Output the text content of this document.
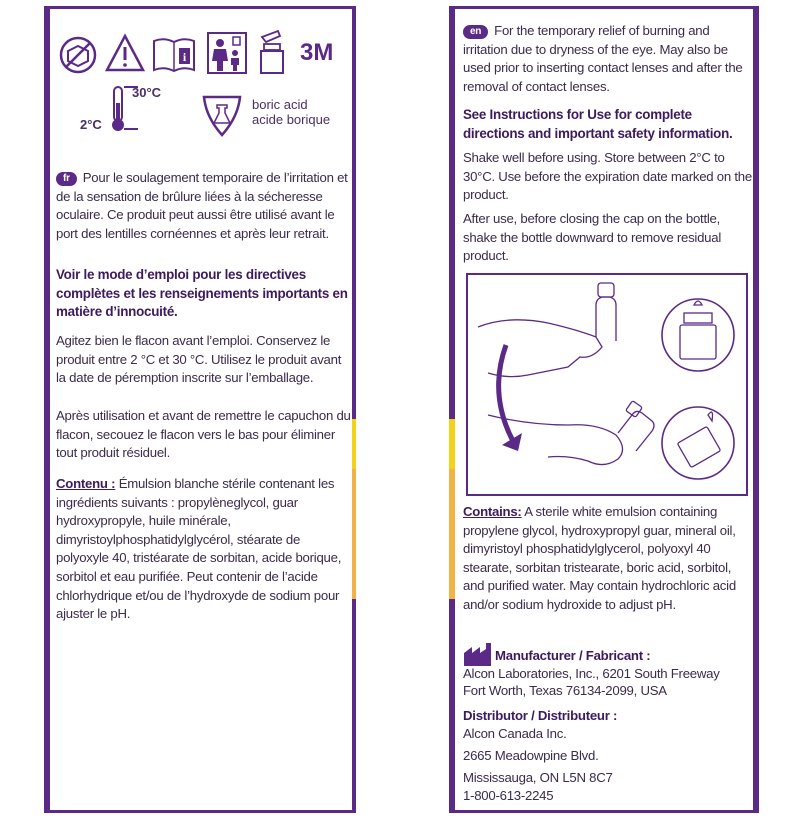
i	3M
30°C
2°C
boric acid
acide borique

fr Pour le soulagement temporaire de l’irritation et de la sensation de brûlure liées à la sécheresse oculaire. Ce produit peut aussi être utilisé avant le port des lentilles cornéennes et après leur retrait.

Voir le mode d’emploi pour les directives complètes et les renseignements importants en matière d’innocuité.

Agitez bien le flacon avant l’emploi. Conservez le produit entre 2 °C et 30 °C. Utilisez le produit avant la date de péremption inscrite sur l’emballage.

Après utilisation et avant de remettre le capuchon du flacon, secouez le flacon vers le bas pour éliminer tout produit résiduel.

Contenu : Émulsion blanche stérile contenant les ingrédients suivants : propylèneglycol, guar hydroxypropyle, huile minérale, dimyristoylphosphatidylglycérol, stéarate de polyoxyle 40, tristéarate de sorbitan, acide borique, sorbitol et eau purifiée. Peut contenir de l’acide chlorhydrique et/ou de l’hydroxyde de sodium pour ajuster le pH.

en For the temporary relief of burning and irritation due to dryness of the eye. May also be used prior to inserting contact lenses and after the removal of contact lenses.

See Instructions for Use for complete directions and important safety information.

Shake well before using. Store between 2°C to 30°C. Use before the expiration date marked on the product.

After use, before closing the cap on the bottle, shake the bottle downward to remove residual product.

Contains: A sterile white emulsion containing propylene glycol, hydroxypropyl guar, mineral oil, dimyristoyl phosphatidylglycerol, polyoxyl 40 stearate, sorbitan tristearate, boric acid, sorbitol, and purified water. May contain hydrochloric acid and/or sodium hydroxide to adjust pH.

Manufacturer / Fabricant :
Alcon Laboratories, Inc., 6201 South Freeway
Fort Worth, Texas 76134-2099, USA
Distributor / Distributeur :
Alcon Canada Inc.
2665 Meadowpine Blvd.
Mississauga, ON L5N 8C7
1-800-613-2245
